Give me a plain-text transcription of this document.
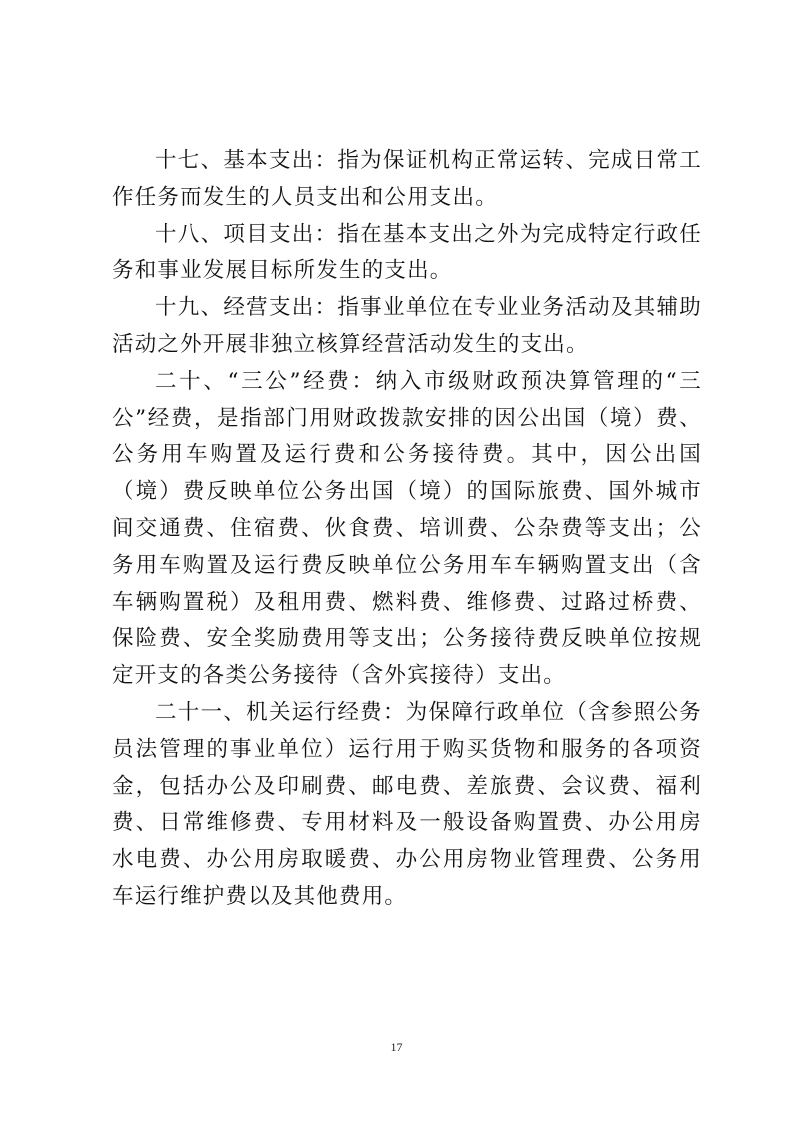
十七、基本支出：指为保证机构正常运转、完成日常工作任务而发生的人员支出和公用支出。

十八、项目支出：指在基本支出之外为完成特定行政任务和事业发展目标所发生的支出。

十九、经营支出：指事业单位在专业业务活动及其辅助活动之外开展非独立核算经营活动发生的支出。

二十、“三公”经费：纳入市级财政预决算管理的“三公”经费，是指部门用财政拨款安排的因公出国（境）费、公务用车购置及运行费和公务接待费。其中，因公出国（境）费反映单位公务出国（境）的国际旅费、国外城市间交通费、住宿费、伙食费、培训费、公杂费等支出；公务用车购置及运行费反映单位公务用车车辆购置支出（含车辆购置税）及租用费、燃料费、维修费、过路过桥费、保险费、安全奖励费用等支出；公务接待费反映单位按规定开支的各类公务接待（含外宾接待）支出。

二十一、机关运行经费：为保障行政单位（含参照公务员法管理的事业单位）运行用于购买货物和服务的各项资金，包括办公及印刷费、邮电费、差旅费、会议费、福利费、日常维修费、专用材料及一般设备购置费、办公用房水电费、办公用房取暖费、办公用房物业管理费、公务用车运行维护费以及其他费用。

17
